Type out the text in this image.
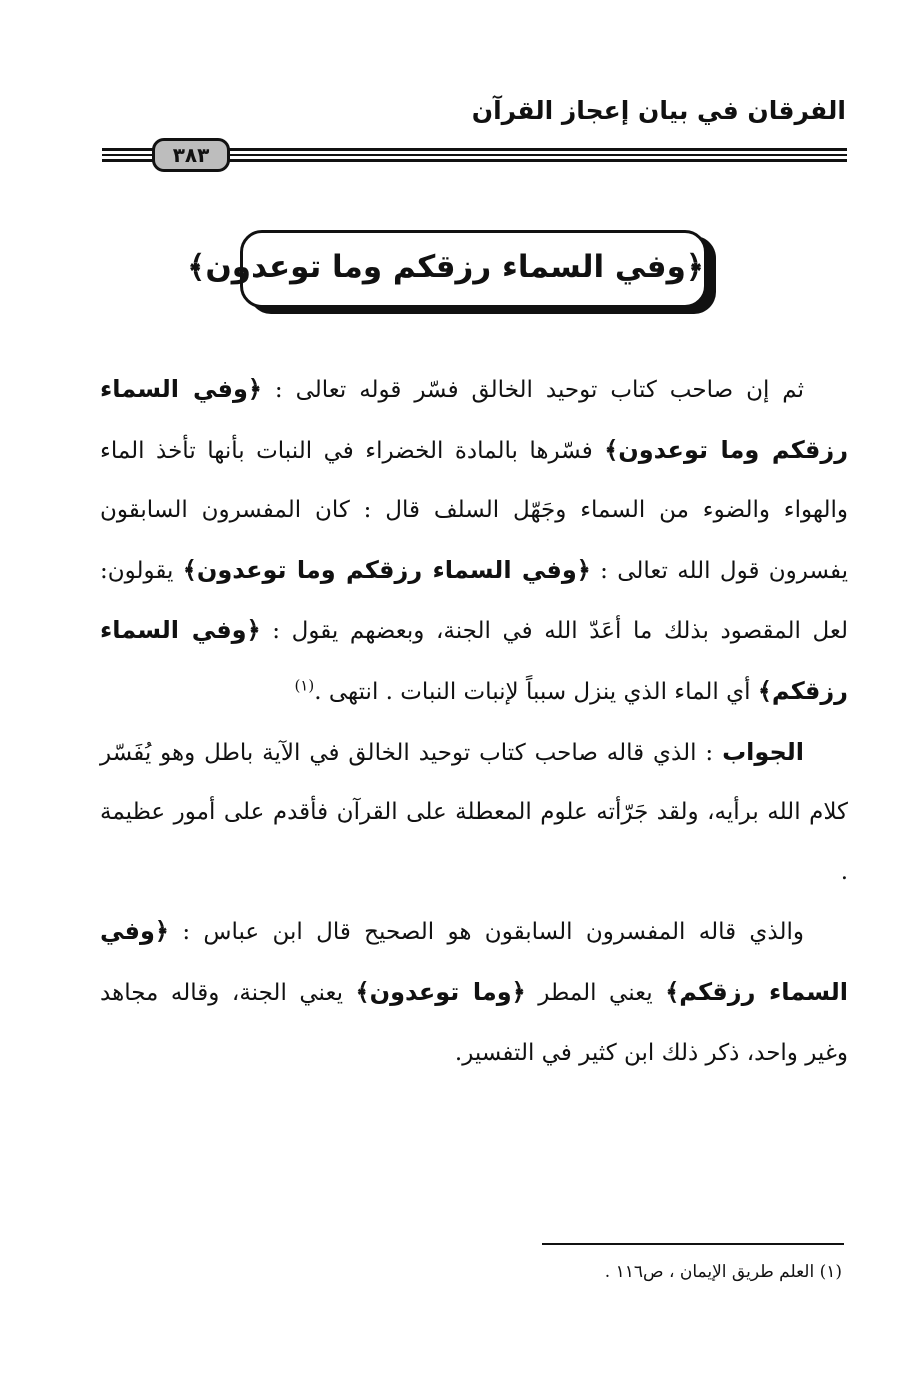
الفرقان في بيان إعجاز القرآن
٣٨٣
﴿وفي السماء رزقكم وما توعدون﴾

ثم إن صاحب كتاب توحيد الخالق فسّر قوله تعالى : ﴿وفي السماء رزقكم وما توعدون﴾ فسّرها بالمادة الخضراء في النبات بأنها تأخذ الماء والهواء والضوء من السماء وجَهّل السلف قال : كان المفسرون السابقون يفسرون قول الله تعالى : ﴿وفي السماء رزقكم وما توعدون﴾ يقولون: لعل المقصود بذلك ما أعَدّ الله في الجنة، وبعضهم يقول : ﴿وفي السماء رزقكم﴾ أي الماء الذي ينزل سبباً لإنبات النبات . انتهى .$^{(١)}$

الجواب : الذي قاله صاحب كتاب توحيد الخالق في الآية باطل وهو يُفَسّر كلام الله برأيه، ولقد جَرّأته علوم المعطلة على القرآن فأقدم على أمور عظيمة .

والذي قاله المفسرون السابقون هو الصحيح قال ابن عباس : ﴿وفي السماء رزقكم﴾ يعني المطر ﴿وما توعدون﴾ يعني الجنة، وقاله مجاهد وغير واحد، ذكر ذلك ابن كثير في التفسير.

(١) العلم طريق الإيمان ، ص١١٦ .
